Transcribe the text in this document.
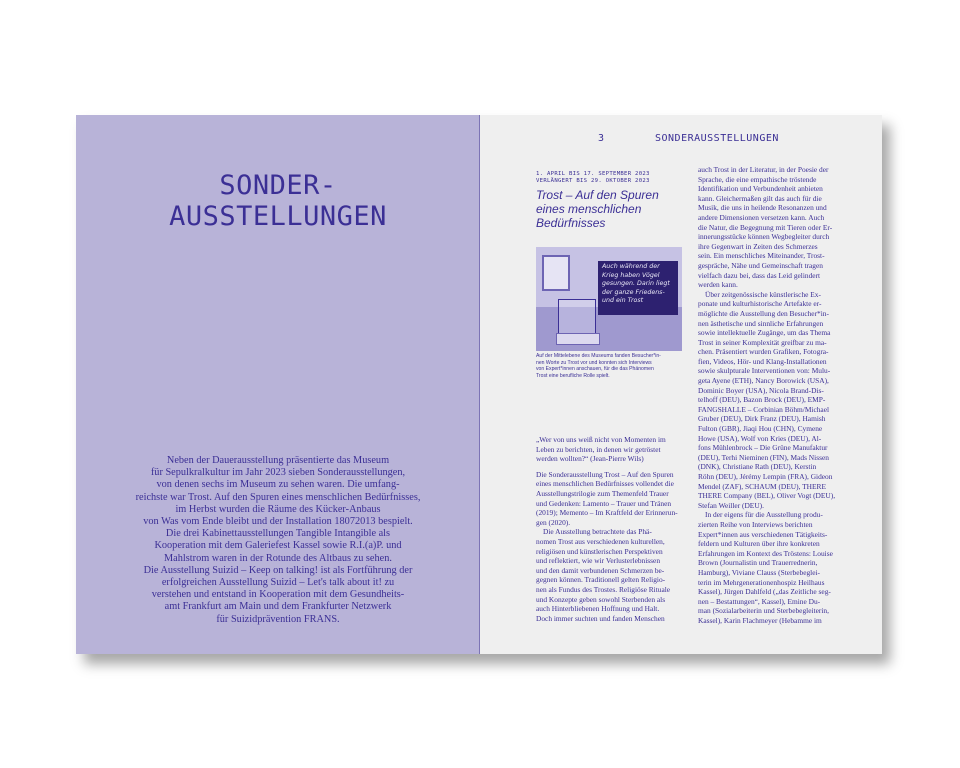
SONDER-
AUSSTELLUNGEN
Neben der Dauerausstellung präsentierte das Museum
für Sepulkralkultur im Jahr 2023 sieben Sonderausstellungen,
von denen sechs im Museum zu sehen waren. Die umfang-
reichste war Trost. Auf den Spuren eines menschlichen Bedürfnisses,
im Herbst wurden die Räume des Kücker-Anbaus
von Was vom Ende bleibt und der Installation 18072013 bespielt.
Die drei Kabinettausstellungen Tangible Intangible als
Kooperation mit dem Galeriefest Kassel sowie R.I.(a)P. und
Mahlstrom waren in der Rotunde des Altbaus zu sehen.
Die Ausstellung Suizid – Keep on talking! ist als Fortführung der
erfolgreichen Ausstellung Suizid – Let's talk about it! zu
verstehen und entstand in Kooperation mit dem Gesundheits-
amt Frankfurt am Main und dem Frankfurter Netzwerk
für Suizidprävention FRANS.
3	SONDERAUSSTELLUNGEN
1. APRIL BIS 17. SEPTEMBER 2023
VERLÄNGERT BIS 29. OKTOBER 2023
Trost – Auf den Spuren
eines menschlichen
Bedürfnisses
Auch während der
Krieg haben Vögel
gesungen. Darin liegt
der ganze Friedens-
und ein Trost
Auf der Mittelebene des Museums fanden Besucher*in-
nen Worte zu Trost vor und konnten sich Interviews
von Expert*innen anschauen, für die das Phänomen
Trost eine berufliche Rolle spielt.
„Wer von uns weiß nicht von Momenten im
Leben zu berichten, in denen wir getröstet
werden wollten?“ (Jean-Pierre Wils)
Die Sonderausstellung Trost – Auf den Spuren
eines menschlichen Bedürfnisses vollendet die
Ausstellungstrilogie zum Themenfeld Trauer
und Gedenken: Lamento – Trauer und Tränen
(2019); Memento – Im Kraftfeld der Erinnerun-
gen (2020).
Die Ausstellung betrachtete das Phä-
nomen Trost aus verschiedenen kulturellen,
religiösen und künstlerischen Perspektiven
und reflektiert, wie wir Verlusterlebnissen
und den damit verbundenen Schmerzen be-
gegnen können. Traditionell gelten Religio-
nen als Fundus des Trostes. Religiöse Rituale
und Konzepte geben sowohl Sterbenden als
auch Hinterbliebenen Hoffnung und Halt.
Doch immer suchten und fanden Menschen
auch Trost in der Literatur, in der Poesie der
Sprache, die eine empathische tröstende
Identifikation und Verbundenheit anbieten
kann. Gleichermaßen gilt das auch für die
Musik, die uns in heilende Resonanzen und
andere Dimensionen versetzen kann. Auch
die Natur, die Begegnung mit Tieren oder Er-
innerungsstücke können Wegbegleiter durch
ihre Gegenwart in Zeiten des Schmerzes
sein. Ein menschliches Miteinander, Trost-
gespräche, Nähe und Gemeinschaft tragen
vielfach dazu bei, dass das Leid gelindert
werden kann.
Über zeitgenössische künstlerische Ex-
ponate und kulturhistorische Artefakte er-
möglichte die Ausstellung den Besucher*in-
nen ästhetische und sinnliche Erfahrungen
sowie intellektuelle Zugänge, um das Thema
Trost in seiner Komplexität greifbar zu ma-
chen. Präsentiert wurden Grafiken, Fotogra-
fien, Videos, Hör- und Klang-Installationen
sowie skulpturale Interventionen von: Mulu-
geta Ayene (ETH), Nancy Borowick (USA),
Dominic Boyer (USA), Nicola Brand-Dis-
telhoff (DEU), Bazon Brock (DEU), EMP-
FANGSHALLE – Corbinian Böhm/Michael
Gruber (DEU), Dirk Franz (DEU), Hamish
Fulton (GBR), Jiaqi Hou (CHN), Cymene
Howe (USA), Wolf von Kries (DEU), Al-
fons Mühlenbrock – Die Grüne Manufaktur
(DEU), Terhi Nieminen (FIN), Mads Nissen
(DNK), Christiane Rath (DEU), Kerstin
Röhn (DEU), Jérémy Lempin (FRA), Gideon
Mendel (ZAF), SCHAUM (DEU), THERE
THERE Company (BEL), Oliver Vogt (DEU),
Stefan Weiller (DEU).
In der eigens für die Ausstellung produ-
zierten Reihe von Interviews berichten
Expert*innen aus verschiedenen Tätigkeits-
feldern und Kulturen über ihre konkreten
Erfahrungen im Kontext des Tröstens: Louise
Brown (Journalistin und Trauerrednerin,
Hamburg), Viviane Clauss (Sterbebeglei-
terin im Mehrgenerationenhospiz Heilhaus
Kassel), Jürgen Dahlfeld („das Zeitliche seg-
nen – Bestattungen“, Kassel), Emine Du-
man (Sozialarbeiterin und Sterbebegleiterin,
Kassel), Karin Flachmeyer (Hebamme im
